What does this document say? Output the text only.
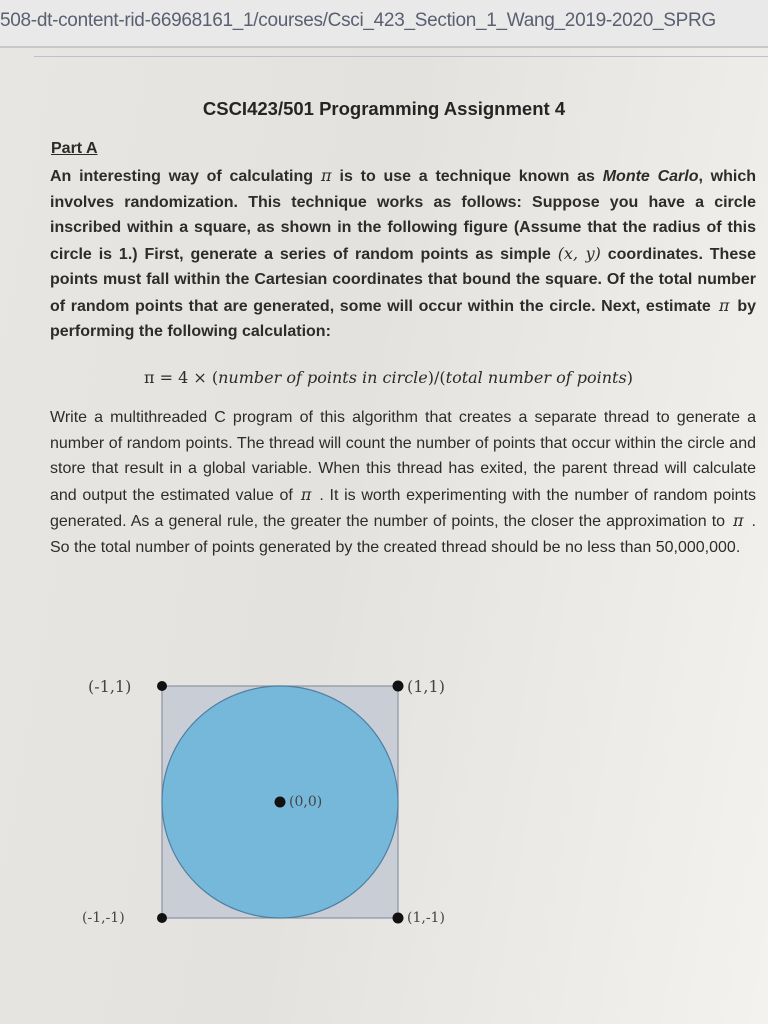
508-dt-content-rid-66968161_1/courses/Csci_423_Section_1_Wang_2019-2020_SPRG
CSCI423/501 Programming Assignment 4
Part A
An interesting way of calculating π is to use a technique known as Monte Carlo, which involves randomization. This technique works as follows: Suppose you have a circle inscribed within a square, as shown in the following figure (Assume that the radius of this circle is 1.) First, generate a series of random points as simple (x, y) coordinates. These points must fall within the Cartesian coordinates that bound the square. Of the total number of random points that are generated, some will occur within the circle. Next, estimate π by performing the following calculation:
π = 4 × (number of points in circle)/(total number of points)
Write a multithreaded C program of this algorithm that creates a separate thread to generate a number of random points. The thread will count the number of points that occur within the circle and store that result in a global variable. When this thread has exited, the parent thread will calculate and output the estimated value of π . It is worth experimenting with the number of random points generated. As a general rule, the greater the number of points, the closer the approximation to π . So the total number of points generated by the created thread should be no less than 50,000,000.
(-1,1)	(1,1)
(0,0)
(-1,-1)	(1,-1)
